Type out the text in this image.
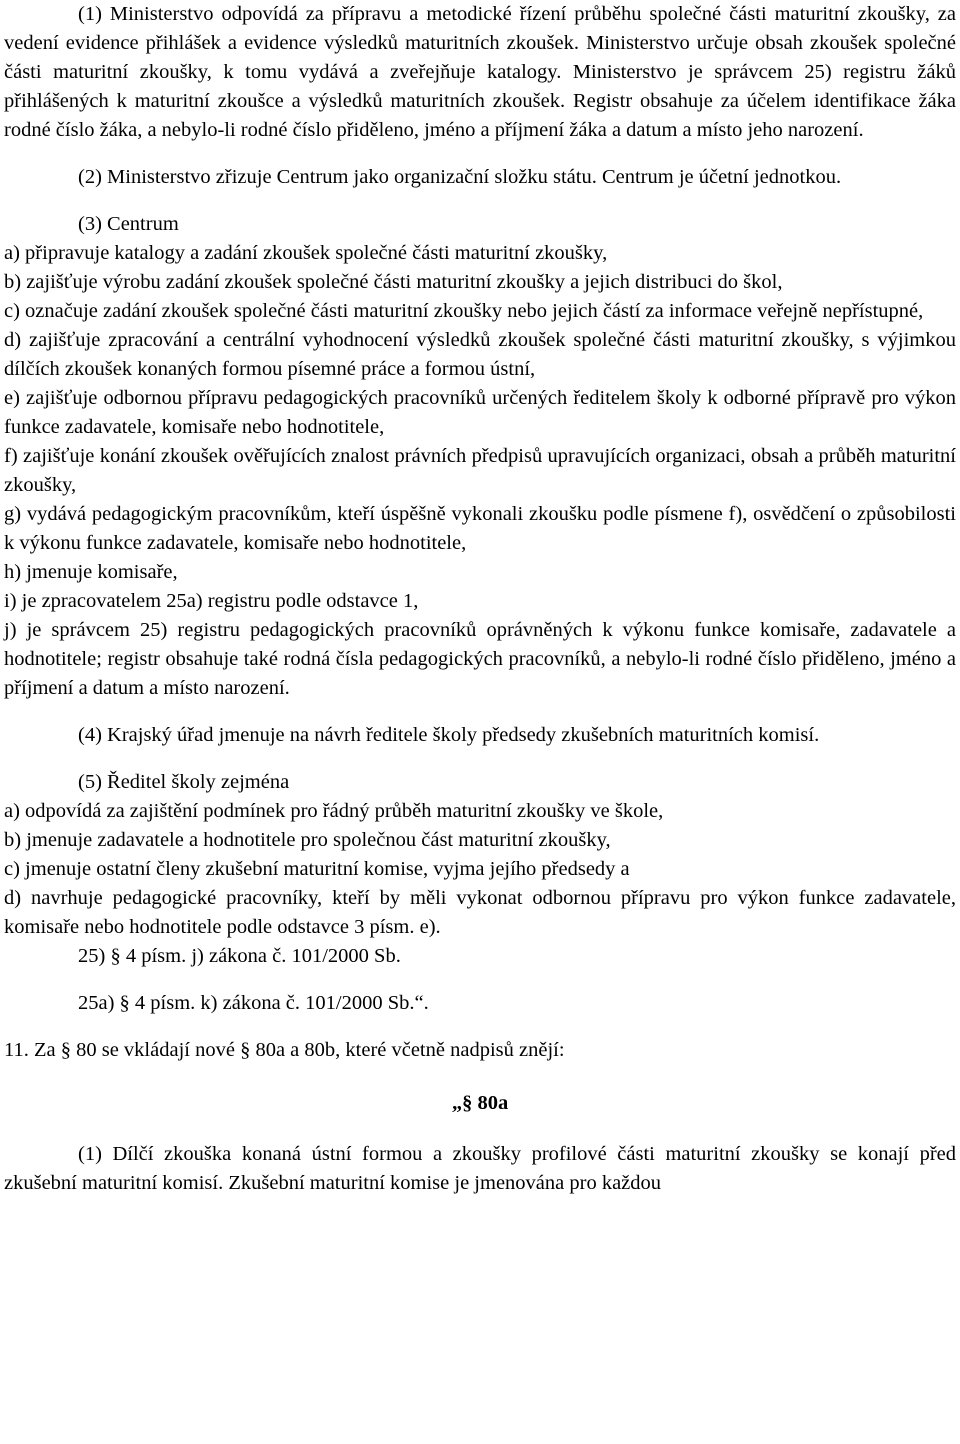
(1) Ministerstvo odpovídá za přípravu a metodické řízení průběhu společné části maturitní zkoušky, za vedení evidence přihlášek a evidence výsledků maturitních zkoušek. Ministerstvo určuje obsah zkoušek společné části maturitní zkoušky, k tomu vydává a zveřejňuje katalogy. Ministerstvo je správcem 25) registru žáků přihlášených k maturitní zkoušce a výsledků maturitních zkoušek. Registr obsahuje za účelem identifikace žáka rodné číslo žáka, a nebylo-li rodné číslo přiděleno, jméno a příjmení žáka a datum a místo jeho narození.

(2) Ministerstvo zřizuje Centrum jako organizační složku státu. Centrum je účetní jednotkou.

(3) Centrum

a) připravuje katalogy a zadání zkoušek společné části maturitní zkoušky,

b) zajišťuje výrobu zadání zkoušek společné části maturitní zkoušky a jejich distribuci do škol,

c) označuje zadání zkoušek společné části maturitní zkoušky nebo jejich částí za informace veřejně nepřístupné,

d) zajišťuje zpracování a centrální vyhodnocení výsledků zkoušek společné části maturitní zkoušky, s výjimkou dílčích zkoušek konaných formou písemné práce a formou ústní,

e) zajišťuje odbornou přípravu pedagogických pracovníků určených ředitelem školy k odborné přípravě pro výkon funkce zadavatele, komisaře nebo hodnotitele,

f) zajišťuje konání zkoušek ověřujících znalost právních předpisů upravujících organizaci, obsah a průběh maturitní zkoušky,

g) vydává pedagogickým pracovníkům, kteří úspěšně vykonali zkoušku podle písmene f), osvědčení o způsobilosti k výkonu funkce zadavatele, komisaře nebo hodnotitele,

h) jmenuje komisaře,

i) je zpracovatelem 25a) registru podle odstavce 1,

j) je správcem 25) registru pedagogických pracovníků oprávněných k výkonu funkce komisaře, zadavatele a hodnotitele; registr obsahuje také rodná čísla pedagogických pracovníků, a nebylo-li rodné číslo přiděleno, jméno a příjmení a datum a místo narození.

(4) Krajský úřad jmenuje na návrh ředitele školy předsedy zkušebních maturitních komisí.

(5) Ředitel školy zejména

a) odpovídá za zajištění podmínek pro řádný průběh maturitní zkoušky ve škole,

b) jmenuje zadavatele a hodnotitele pro společnou část maturitní zkoušky,

c) jmenuje ostatní členy zkušební maturitní komise, vyjma jejího předsedy a

d) navrhuje pedagogické pracovníky, kteří by měli vykonat odbornou přípravu pro výkon funkce zadavatele, komisaře nebo hodnotitele podle odstavce 3 písm. e).

25) § 4 písm. j) zákona č. 101/2000 Sb.

25a) § 4 písm. k) zákona č. 101/2000 Sb.“.

11. Za § 80 se vkládají nové § 80a a 80b, které včetně nadpisů znějí:

„§ 80a

(1) Dílčí zkouška konaná ústní formou a zkoušky profilové části maturitní zkoušky se konají před zkušební maturitní komisí. Zkušební maturitní komise je jmenována pro každou
